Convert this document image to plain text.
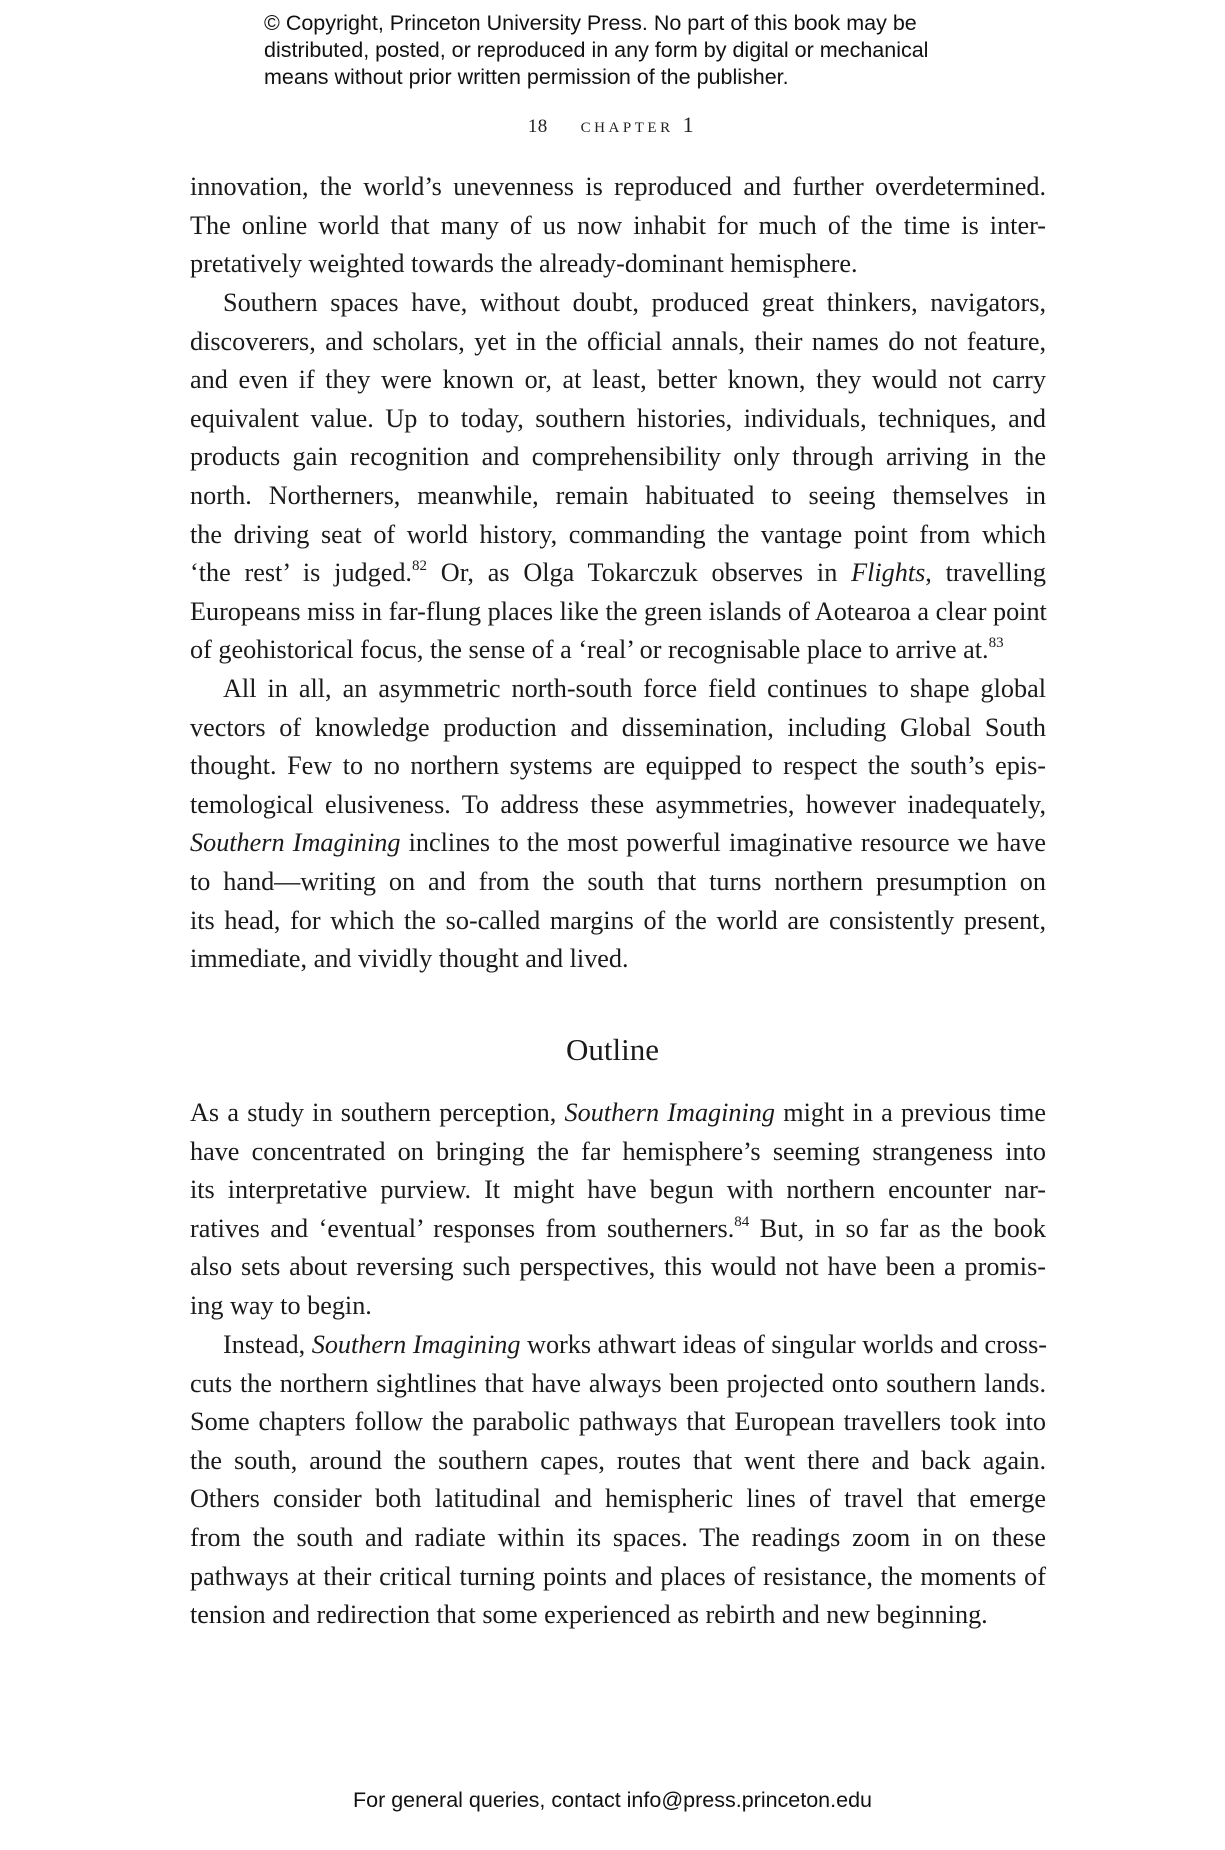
© Copyright, Princeton University Press. No part of this book may be
distributed, posted, or reproduced in any form by digital or mechanical
means without prior written permission of the publisher.
18 chapter 1
innovation, the world’s unevenness is reproduced and further overdetermined.
The online world that many of us now inhabit for much of the time is inter-
pretatively weighted towards the already-dominant hemisphere.
Southern spaces have, without doubt, produced great thinkers, navigators,
discoverers, and scholars, yet in the official annals, their names do not feature,
and even if they were known or, at least, better known, they would not carry
equivalent value. Up to today, southern histories, individuals, techniques, and
products gain recognition and comprehensibility only through arriving in the
north. Northerners, meanwhile, remain habituated to seeing themselves in
the driving seat of world history, commanding the vantage point from which
‘the rest’ is judged.$^{82}$ Or, as Olga Tokarczuk observes in Flights, travelling
Europeans miss in far-flung places like the green islands of Aotearoa a clear point
of geohistorical focus, the sense of a ‘real’ or recognisable place to arrive at.$^{83}$
All in all, an asymmetric north-south force field continues to shape global
vectors of knowledge production and dissemination, including Global South
thought. Few to no northern systems are equipped to respect the south’s epis-
temological elusiveness. To address these asymmetries, however inadequately,
Southern Imagining inclines to the most powerful imaginative resource we have
to hand—writing on and from the south that turns northern presumption on
its head, for which the so-called margins of the world are consistently present,
immediate, and vividly thought and lived.
Outline
As a study in southern perception, Southern Imagining might in a previous time
have concentrated on bringing the far hemisphere’s seeming strangeness into
its interpretative purview. It might have begun with northern encounter nar-
ratives and ‘eventual’ responses from southerners.$^{84}$ But, in so far as the book
also sets about reversing such perspectives, this would not have been a promis-
ing way to begin.
Instead, Southern Imagining works athwart ideas of singular worlds and cross-
cuts the northern sightlines that have always been projected onto southern lands.
Some chapters follow the parabolic pathways that European travellers took into
the south, around the southern capes, routes that went there and back again.
Others consider both latitudinal and hemispheric lines of travel that emerge
from the south and radiate within its spaces. The readings zoom in on these
pathways at their critical turning points and places of resistance, the moments of
tension and redirection that some experienced as rebirth and new beginning.
For general queries, contact info@press.princeton.edu
